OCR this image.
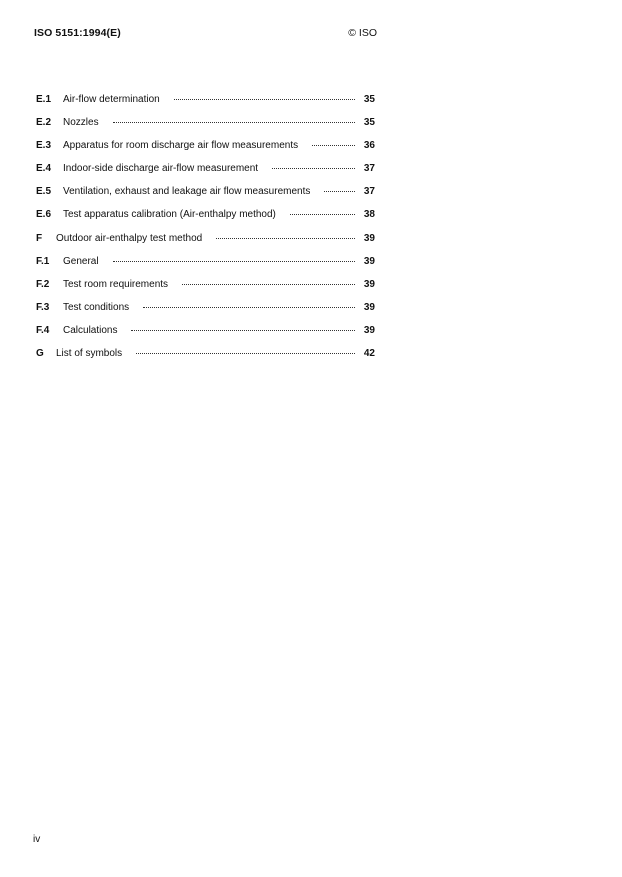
ISO 5151:1994(E)	© ISO
E.1	Air-flow determination	35
E.2	Nozzles	35
E.3	Apparatus for room discharge air flow measurements	36
E.4	Indoor-side discharge air-flow measurement	37
E.5	Ventilation, exhaust and leakage air flow measurements	37
E.6	Test apparatus calibration (Air-enthalpy method)	38
F	Outdoor air-enthalpy test method	39
F.1	General	39
F.2	Test room requirements	39
F.3	Test conditions	39
F.4	Calculations	39
G	List of symbols	42
iv
